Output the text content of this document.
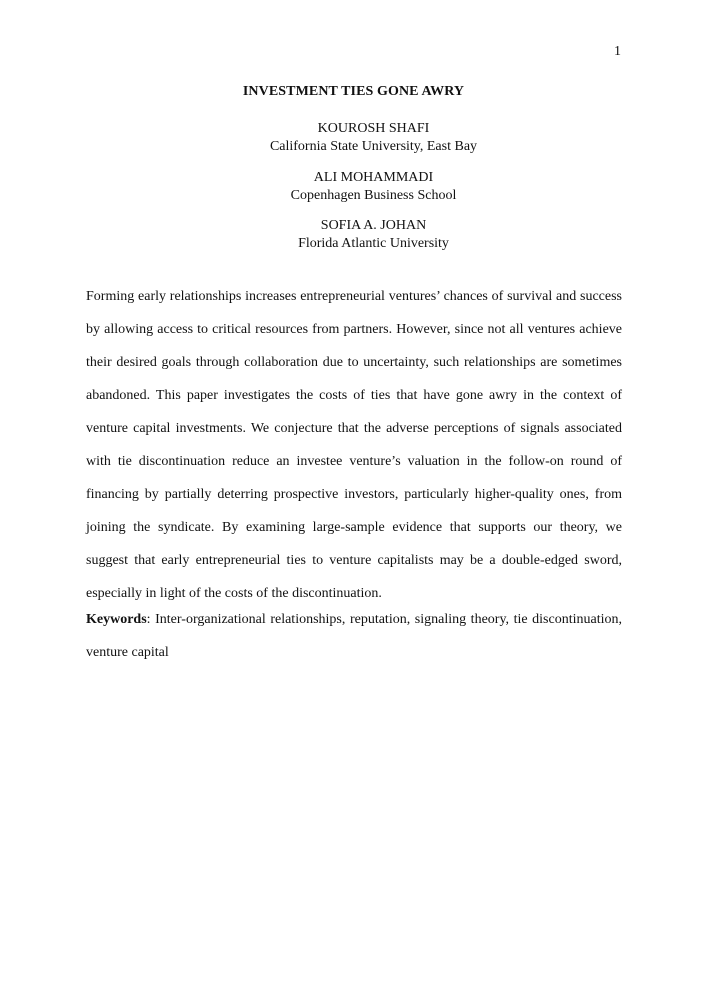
1
INVESTMENT TIES GONE AWRY
KOUROSH SHAFI
California State University, East Bay
ALI MOHAMMADI
Copenhagen Business School
SOFIA A. JOHAN
Florida Atlantic University

Forming early relationships increases entrepreneurial ventures’ chances of survival and success by allowing access to critical resources from partners. However, since not all ventures achieve their desired goals through collaboration due to uncertainty, such relationships are sometimes abandoned. This paper investigates the costs of ties that have gone awry in the context of venture capital investments. We conjecture that the adverse perceptions of signals associated with tie discontinuation reduce an investee venture’s valuation in the follow-on round of financing by partially deterring prospective investors, particularly higher-quality ones, from joining the syndicate. By examining large-sample evidence that supports our theory, we suggest that early entrepreneurial ties to venture capitalists may be a double-edged sword, especially in light of the costs of the discontinuation.

Keywords: Inter-organizational relationships, reputation, signaling theory, tie discontinuation, venture capital
